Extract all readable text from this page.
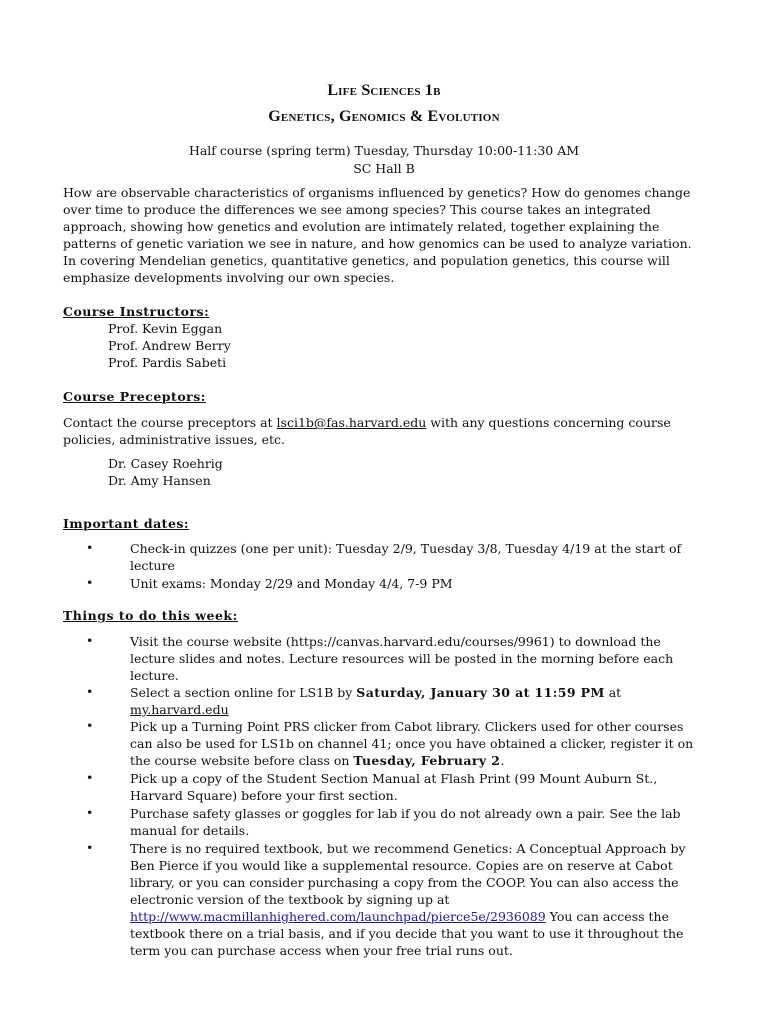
Life Sciences 1b
Genetics, Genomics & Evolution
Half course (spring term) Tuesday, Thursday 10:00-11:30 AM
SC Hall B
How are observable characteristics of organisms influenced by genetics? How do genomes change over time to produce the differences we see among species? This course takes an integrated approach, showing how genetics and evolution are intimately related, together explaining the patterns of genetic variation we see in nature, and how genomics can be used to analyze variation. In covering Mendelian genetics, quantitative genetics, and population genetics, this course will emphasize developments involving our own species.
Course Instructors:
Prof. Kevin Eggan
Prof. Andrew Berry
Prof. Pardis Sabeti
Course Preceptors:
Contact the course preceptors at lsci1b@fas.harvard.edu with any questions concerning course policies, administrative issues, etc.
Dr. Casey Roehrig
Dr. Amy Hansen
Important dates:
•	Check-in quizzes (one per unit): Tuesday 2/9, Tuesday 3/8, Tuesday 4/19 at the start of lecture
•	Unit exams: Monday 2/29 and Monday 4/4, 7-9 PM
Things to do this week:
•	Visit the course website (https://canvas.harvard.edu/courses/9961) to download the lecture slides and notes. Lecture resources will be posted in the morning before each lecture.
•	Select a section online for LS1B by Saturday, January 30 at 11:59 PM at my.harvard.edu
•	Pick up a Turning Point PRS clicker from Cabot library. Clickers used for other courses can also be used for LS1b on channel 41; once you have obtained a clicker, register it on the course website before class on Tuesday, February 2.
•	Pick up a copy of the Student Section Manual at Flash Print (99 Mount Auburn St., Harvard Square) before your first section.
•	Purchase safety glasses or goggles for lab if you do not already own a pair. See the lab manual for details.
•	There is no required textbook, but we recommend Genetics: A Conceptual Approach by Ben Pierce if you would like a supplemental resource. Copies are on reserve at Cabot library, or you can consider purchasing a copy from the COOP. You can also access the electronic version of the textbook by signing up at http://www.macmillanhighered.com/launchpad/pierce5e/2936089 You can access the textbook there on a trial basis, and if you decide that you want to use it throughout the term you can purchase access when your free trial runs out.
